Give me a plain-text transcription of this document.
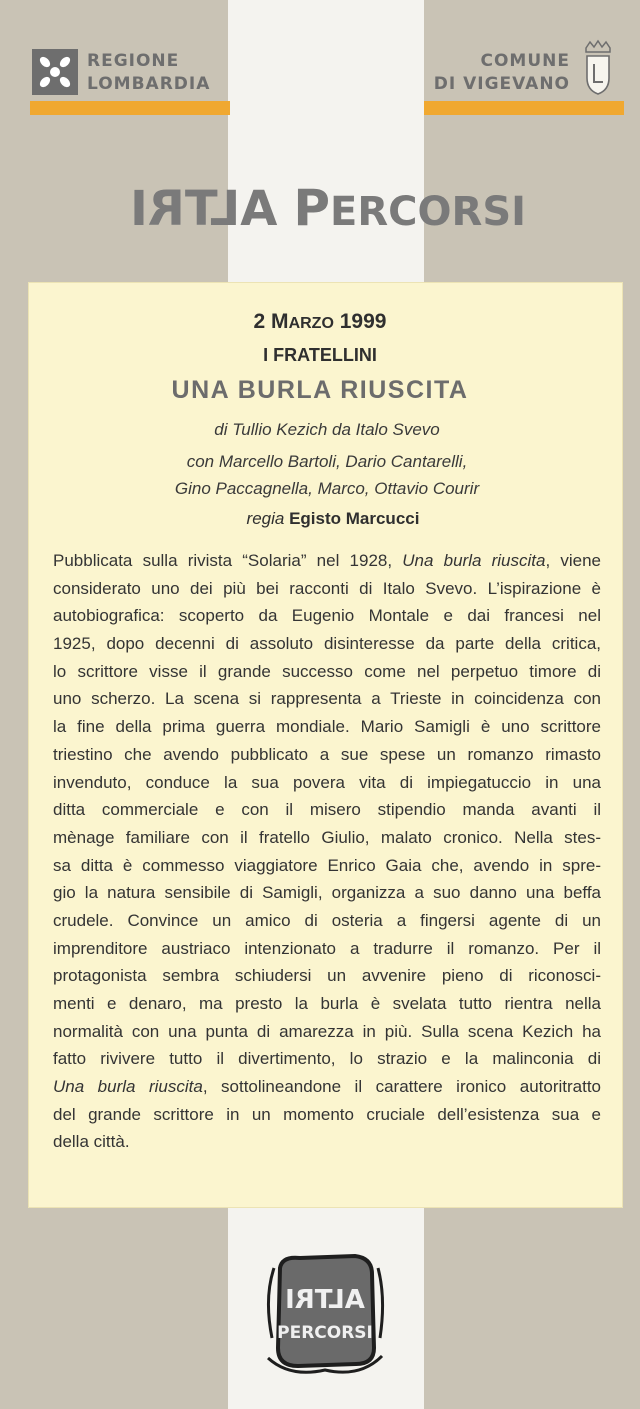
REGIONE
LOMBARDIA
COMUNE
DI VIGEVANO
ALTRI PERCORSI
2 MARZO 1999
I FRATELLINI
UNA BURLA RIUSCITA
di Tullio Kezich da Italo Svevo
con Marcello Bartoli, Dario Cantarelli,
Gino Paccagnella, Marco, Ottavio Courir
regia Egisto Marcucci
Pubblicata sulla rivista “Solaria” nel 1928, Una burla riuscita, viene
considerato uno dei più bei racconti di Italo Svevo. L’ispirazione è
autobiografica: scoperto da Eugenio Montale e dai francesi nel
1925, dopo decenni di assoluto disinteresse da parte della critica,
lo scrittore visse il grande successo come nel perpetuo timore di
uno scherzo. La scena si rappresenta a Trieste in coincidenza con
la fine della prima guerra mondiale. Mario Samigli è uno scrittore
triestino che avendo pubblicato a sue spese un romanzo rimasto
invenduto, conduce la sua povera vita di impiegatuccio in una
ditta commerciale e con il misero stipendio manda avanti il
mènage familiare con il fratello Giulio, malato cronico. Nella stes-
sa ditta è commesso viaggiatore Enrico Gaia che, avendo in spre-
gio la natura sensibile di Samigli, organizza a suo danno una beffa
crudele. Convince un amico di osteria a fingersi agente di un
imprenditore austriaco intenzionato a tradurre il romanzo. Per il
protagonista sembra schiudersi un avvenire pieno di riconosci-
menti e denaro, ma presto la burla è svelata tutto rientra nella
normalità con una punta di amarezza in più. Sulla scena Kezich ha
fatto rivivere tutto il divertimento, lo strazio e la malinconia di
Una burla riuscita, sottolineandone il carattere ironico autoritratto
del grande scrittore in un momento cruciale dell’esistenza sua e
della città.
ALTRI
PERCORSI
